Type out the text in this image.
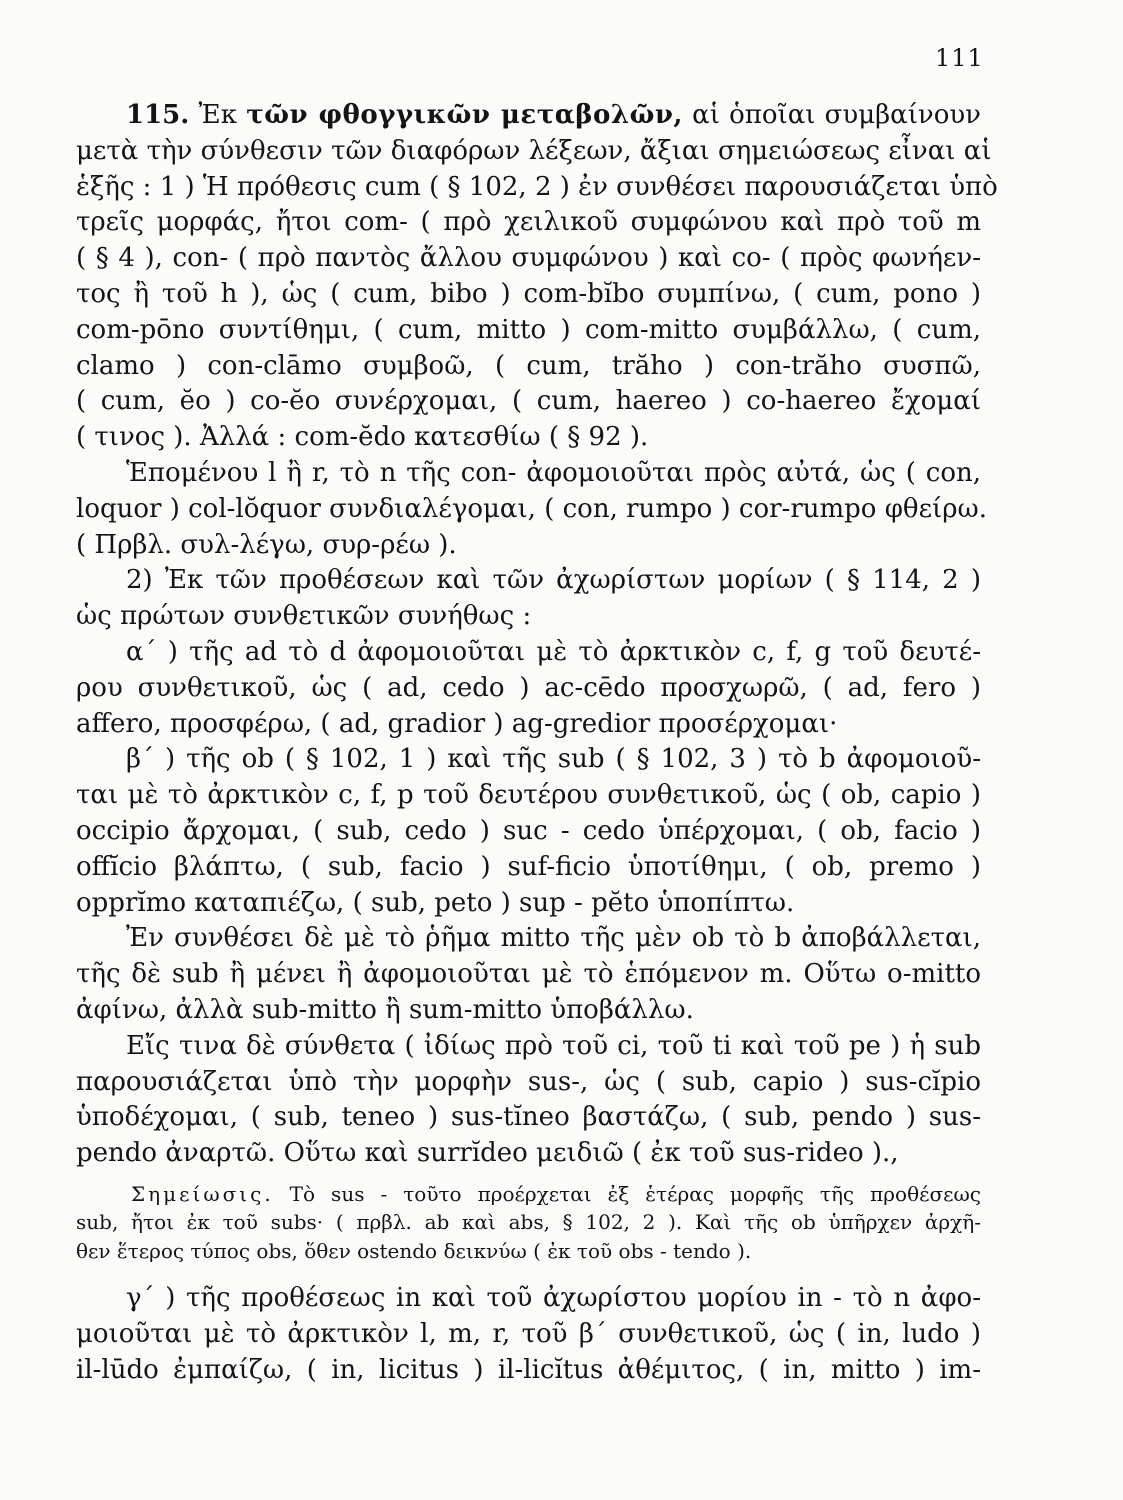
111
115. Ἐκ τῶν φθογγικῶν μεταβολῶν, αἱ ὁποῖαι συμβαίνουν
μετὰ τὴν σύνθεσιν τῶν διαφόρων λέξεων, ἄξιαι σημειώσεως εἶναι αἱ
ἑξῆς : 1 ) Ἡ πρόθεσις cum ( § 102, 2 ) ἐν συνθέσει παρουσιάζεται ὑπὸ
τρεῖς μορφάς, ἤτοι com- ( πρὸ χειλικοῦ συμφώνου καὶ πρὸ τοῦ m
( § 4 ), con- ( πρὸ παντὸς ἄλλου συμφώνου ) καὶ co- ( πρὸς φωνήεν-
τος ἢ τοῦ h ), ὡς ( cum, bibo ) com-bĭbo συμπίνω, ( cum, pono )
com-pōno συντίθημι, ( cum, mitto ) com-mitto συμβάλλω, ( cum,
clamo ) con-clāmo συμβοῶ, ( cum, trăho ) con-trăho συσπῶ,
( cum, ĕo ) co-ĕo συνέρχομαι, ( cum, haereo ) co-haereo ἔχομαί
( τινος ). Ἀλλά : com-ĕdo κατεσθίω ( § 92 ).
Ἑπομένου l ἢ r, τὸ n τῆς con- ἀφομοιοῦται πρὸς αὐτά, ὡς ( con,
loquor ) col-lŏquor συνδιαλέγομαι, ( con, rumpo ) cor-rumpo φθείρω.
( Πρβλ. συλ-λέγω, συρ-ρέω ).
2) Ἐκ τῶν προθέσεων καὶ τῶν ἀχωρίστων μορίων ( § 114, 2 )
ὡς πρώτων συνθετικῶν συνήθως :
α΄ ) τῆς ad τὸ d ἀφομοιοῦται μὲ τὸ ἀρκτικὸν c, f, g τοῦ δευτέ-
ρου συνθετικοῦ, ὡς ( ad, cedo ) ac-cēdo προσχωρῶ, ( ad, fero )
affero, προσφέρω, ( ad, gradior ) ag-gredior προσέρχομαι·
β΄ ) τῆς ob ( § 102, 1 ) καὶ τῆς sub ( § 102, 3 ) τὸ b ἀφομοιοῦ-
ται μὲ τὸ ἀρκτικὸν c, f, p τοῦ δευτέρου συνθετικοῦ, ὡς ( ob, capio )
occipio ἄρχομαι, ( sub, cedo ) suc - cedo ὑπέρχομαι, ( ob, facio )
offĭcio βλάπτω, ( sub, facio ) suf-ficio ὑποτίθημι, ( ob, premo )
opprĭmo καταπιέζω, ( sub, peto ) sup - pĕto ὑποπίπτω.
Ἐν συνθέσει δὲ μὲ τὸ ῥῆμα mitto τῆς μὲν ob τὸ b ἀποβάλλεται,
τῆς δὲ sub ἢ μένει ἢ ἀφομοιοῦται μὲ τὸ ἑπόμενον m. Οὕτω o-mitto
ἀφίνω, ἀλλὰ sub-mitto ἢ sum-mitto ὑποβάλλω.
Εἴς τινα δὲ σύνθετα ( ἰδίως πρὸ τοῦ ci, τοῦ ti καὶ τοῦ pe ) ἡ sub
παρουσιάζεται ὑπὸ τὴν μορφὴν sus-, ὡς ( sub, capio ) sus-cĭpio
ὑποδέχομαι, ( sub, teneo ) sus-tĭneo βαστάζω, ( sub, pendo ) sus-
pendo ἀναρτῶ. Οὕτω καὶ surrĭdeo μειδιῶ ( ἐκ τοῦ sus-rideo ).,
Σημείωσις. Τὸ sus - τοῦτο προέρχεται ἐξ ἑτέρας μορφῆς τῆς προθέσεως
sub, ἤτοι ἐκ τοῦ subs· ( πρβλ. ab καὶ abs, § 102, 2 ). Καὶ τῆς ob ὑπῆρχεν ἀρχῆ-
θεν ἕτερος τύπος obs, ὅθεν ostendo δεικνύω ( ἐκ τοῦ obs - tendo ).
γ΄ ) τῆς προθέσεως in καὶ τοῦ ἀχωρίστου μορίου in - τὸ n ἀφο-
μοιοῦται μὲ τὸ ἀρκτικὸν l, m, r, τοῦ β΄ συνθετικοῦ, ὡς ( in, ludo )
il-lūdo ἐμπαίζω, ( in, licitus ) il-licĭtus ἀθέμιτος, ( in, mitto ) im-
